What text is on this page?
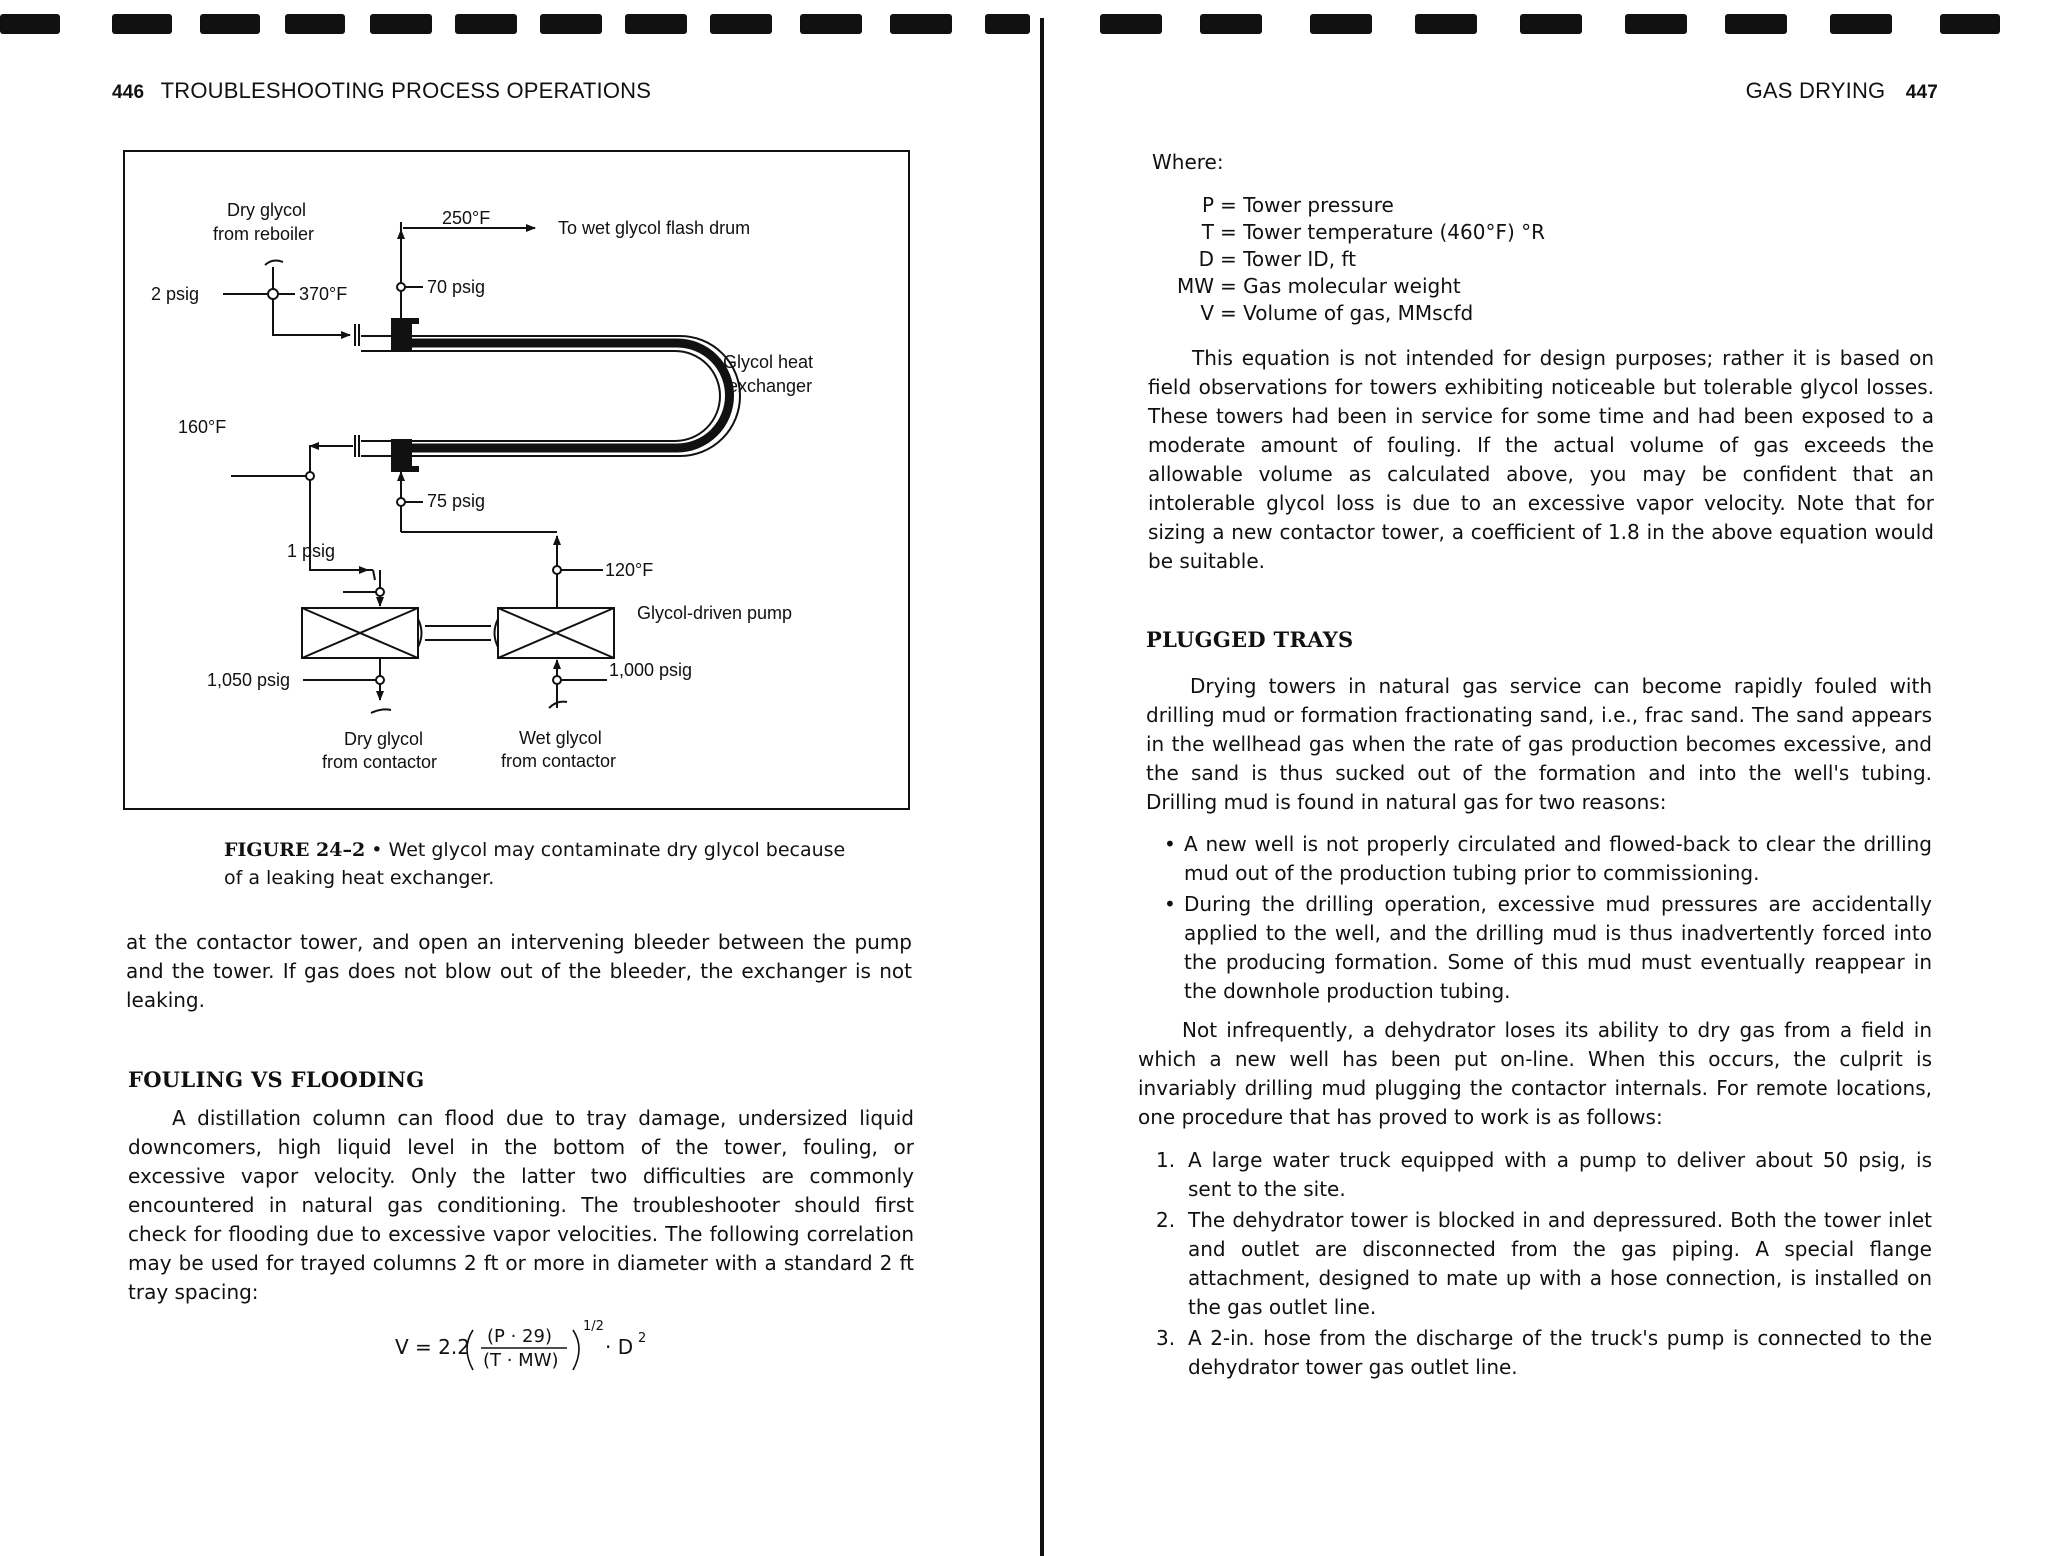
446 TROUBLESHOOTING PROCESS OPERATIONS
Dry glycol
from reboiler
2 psig	370°F
250°F	To wet glycol flash drum
70 psig
Glycol heat
exchanger
160°F
75 psig
120°F
1 psig
Glycol-driven pump
1,050 psig	1,000 psig
Dry glycol
from contactor
Wet glycol
from contactor
FIGURE 24–2 • Wet glycol may contaminate dry glycol because of a leaking heat exchanger.

at the contactor tower, and open an intervening bleeder between the pump and the tower. If gas does not blow out of the bleeder, the exchanger is not leaking.

FOULING VS FLOODING

A distillation column can flood due to tray damage, undersized liquid downcomers, high liquid level in the bottom of the tower, fouling, or excessive vapor velocity. Only the latter two difficulties are commonly encountered in natural gas conditioning. The troubleshooter should first check for flooding due to excessive vapor velocities. The following correlation may be used for trayed columns 2 ft or more in diameter with a standard 2 ft tray spacing:

V = 2.2 (P · 29)
(T · MW)
1/2
· D 2
GAS DRYING 447
Where:
P = Tower pressure
T = Tower temperature (460°F) °R
D = Tower ID, ft
MW = Gas molecular weight
V = Volume of gas, MMscfd

This equation is not intended for design purposes; rather it is based on field observations for towers exhibiting noticeable but tolerable glycol losses. These towers had been in service for some time and had been exposed to a moderate amount of fouling. If the actual volume of gas exceeds the allowable volume as calculated above, you may be confident that an intolerable glycol loss is due to an excessive vapor velocity. Note that for sizing a new contactor tower, a coefficient of 1.8 in the above equation would be suitable.

PLUGGED TRAYS

Drying towers in natural gas service can become rapidly fouled with drilling mud or formation fractionating sand, i.e., frac sand. The sand appears in the wellhead gas when the rate of gas production becomes excessive, and the sand is thus sucked out of the formation and into the well's tubing. Drilling mud is found in natural gas for two reasons:

• A new well is not properly circulated and flowed-back to clear the drilling mud out of the production tubing prior to commissioning.
• During the drilling operation, excessive mud pressures are accidentally applied to the well, and the drilling mud is thus inadvertently forced into the producing formation. Some of this mud must eventually reappear in the downhole production tubing.

Not infrequently, a dehydrator loses its ability to dry gas from a field in which a new well has been put on-line. When this occurs, the culprit is invariably drilling mud plugging the contactor internals. For remote locations, one procedure that has proved to work is as follows:

1. A large water truck equipped with a pump to deliver about 50 psig, is sent to the site.
2. The dehydrator tower is blocked in and depressured. Both the tower inlet and outlet are disconnected from the gas piping. A special flange attachment, designed to mate up with a hose connection, is installed on the gas outlet line.
3. A 2-in. hose from the discharge of the truck's pump is connected to the dehydrator tower gas outlet line.
